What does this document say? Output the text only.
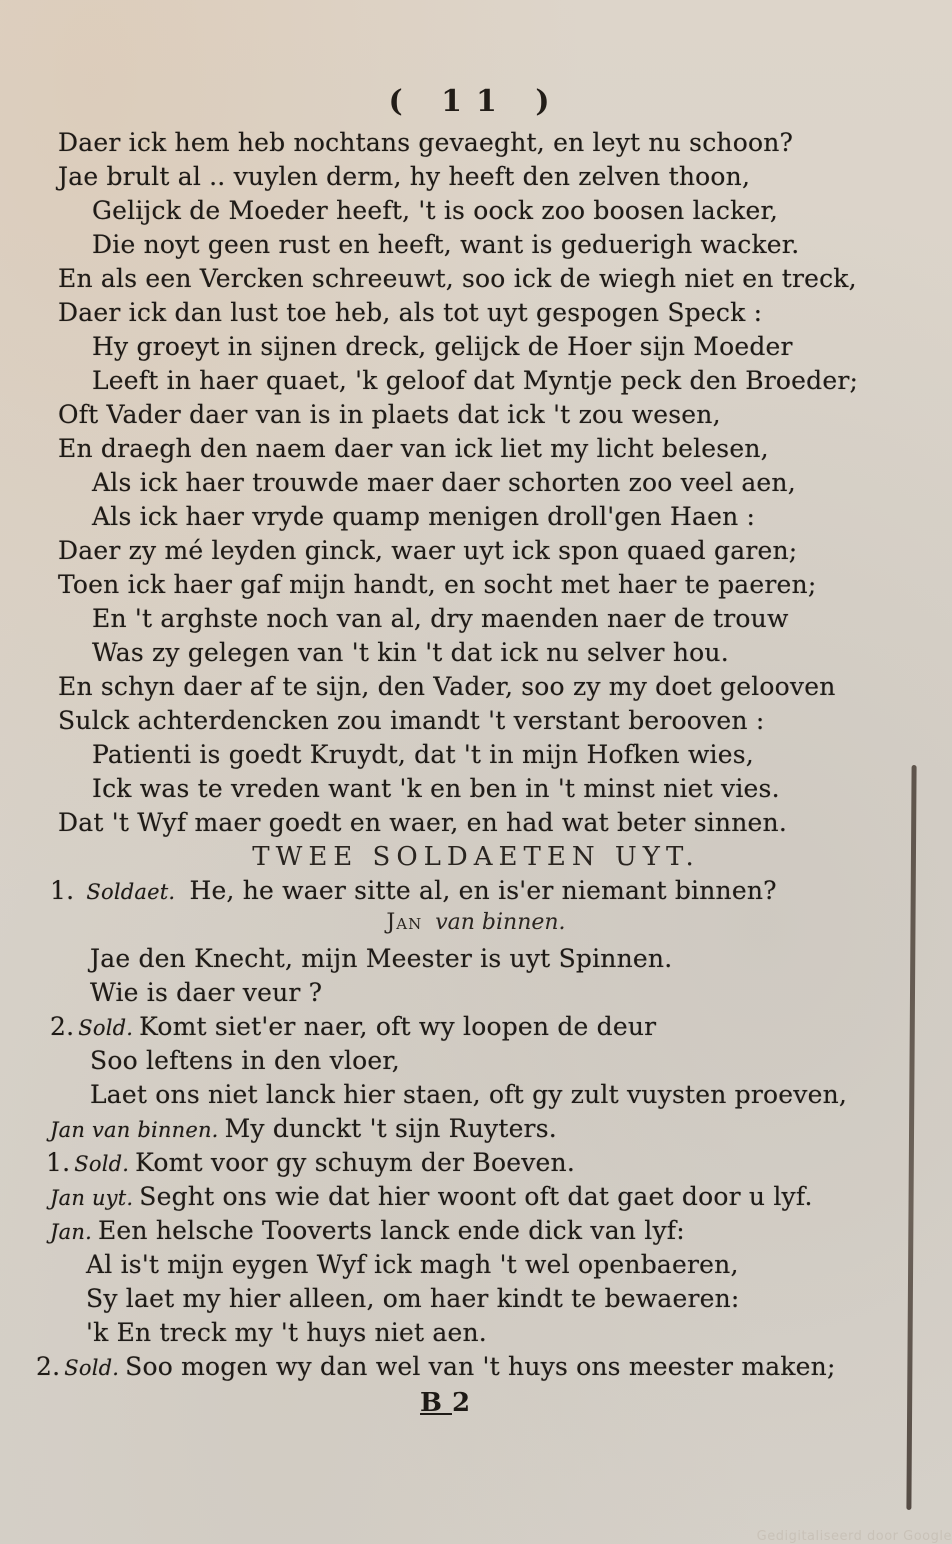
( 11 )
Daer ick hem heb nochtans gevaeght, en leyt nu schoon?
Jae brult al .. vuylen derm, hy heeft den zelven thoon,
Gelijck de Moeder heeft, 't is oock zoo boosen lacker,
Die noyt geen rust en heeft, want is geduerigh wacker.
En als een Vercken schreeuwt, soo ick de wiegh niet en treck,
Daer ick dan lust toe heb, als tot uyt gespogen Speck :
Hy groeyt in sijnen dreck, gelijck de Hoer sijn Moeder
Leeft in haer quaet, 'k geloof dat Myntje peck den Broeder;
Oft Vader daer van is in plaets dat ick 't zou wesen,
En draegh den naem daer van ick liet my licht belesen,
Als ick haer trouwde maer daer schorten zoo veel aen,
Als ick haer vryde quamp menigen droll'gen Haen :
Daer zy mé leyden ginck, waer uyt ick spon quaed garen;
Toen ick haer gaf mijn handt, en socht met haer te paeren;
En 't arghste noch van al, dry maenden naer de trouw
Was zy gelegen van 't kin 't dat ick nu selver hou.
En schyn daer af te sijn, den Vader, soo zy my doet gelooven
Sulck achterdencken zou imandt 't verstant berooven :
Patienti is goedt Kruydt, dat 't in mijn Hofken wies,
Ick was te vreden want 'k en ben in 't minst niet vies.
Dat 't Wyf maer goedt en waer, en had wat beter sinnen.
TWEE SOLDAETEN UYT.
1. Soldaet. He, he waer sitte al, en is'er niemant binnen?
Jan van binnen.
Jae den Knecht, mijn Meester is uyt Spinnen.
Wie is daer veur ?
2. Sold. Komt siet'er naer, oft wy loopen de deur
Soo leftens in den vloer,
Laet ons niet lanck hier staen, oft gy zult vuysten proeven,
Jan van binnen. My dunckt 't sijn Ruyters.
1. Sold. Komt voor gy schuym der Boeven.
Jan uyt. Seght ons wie dat hier woont oft dat gaet door u lyf.
Jan. Een helsche Tooverts lanck ende dick van lyf:
Al is't mijn eygen Wyf ick magh 't wel openbaeren,
Sy laet my hier alleen, om haer kindt te bewaeren:
'k En treck my 't huys niet aen.
2. Sold. Soo mogen wy dan wel van 't huys ons meester maken;
B2
Gedigitaliseerd door Google
